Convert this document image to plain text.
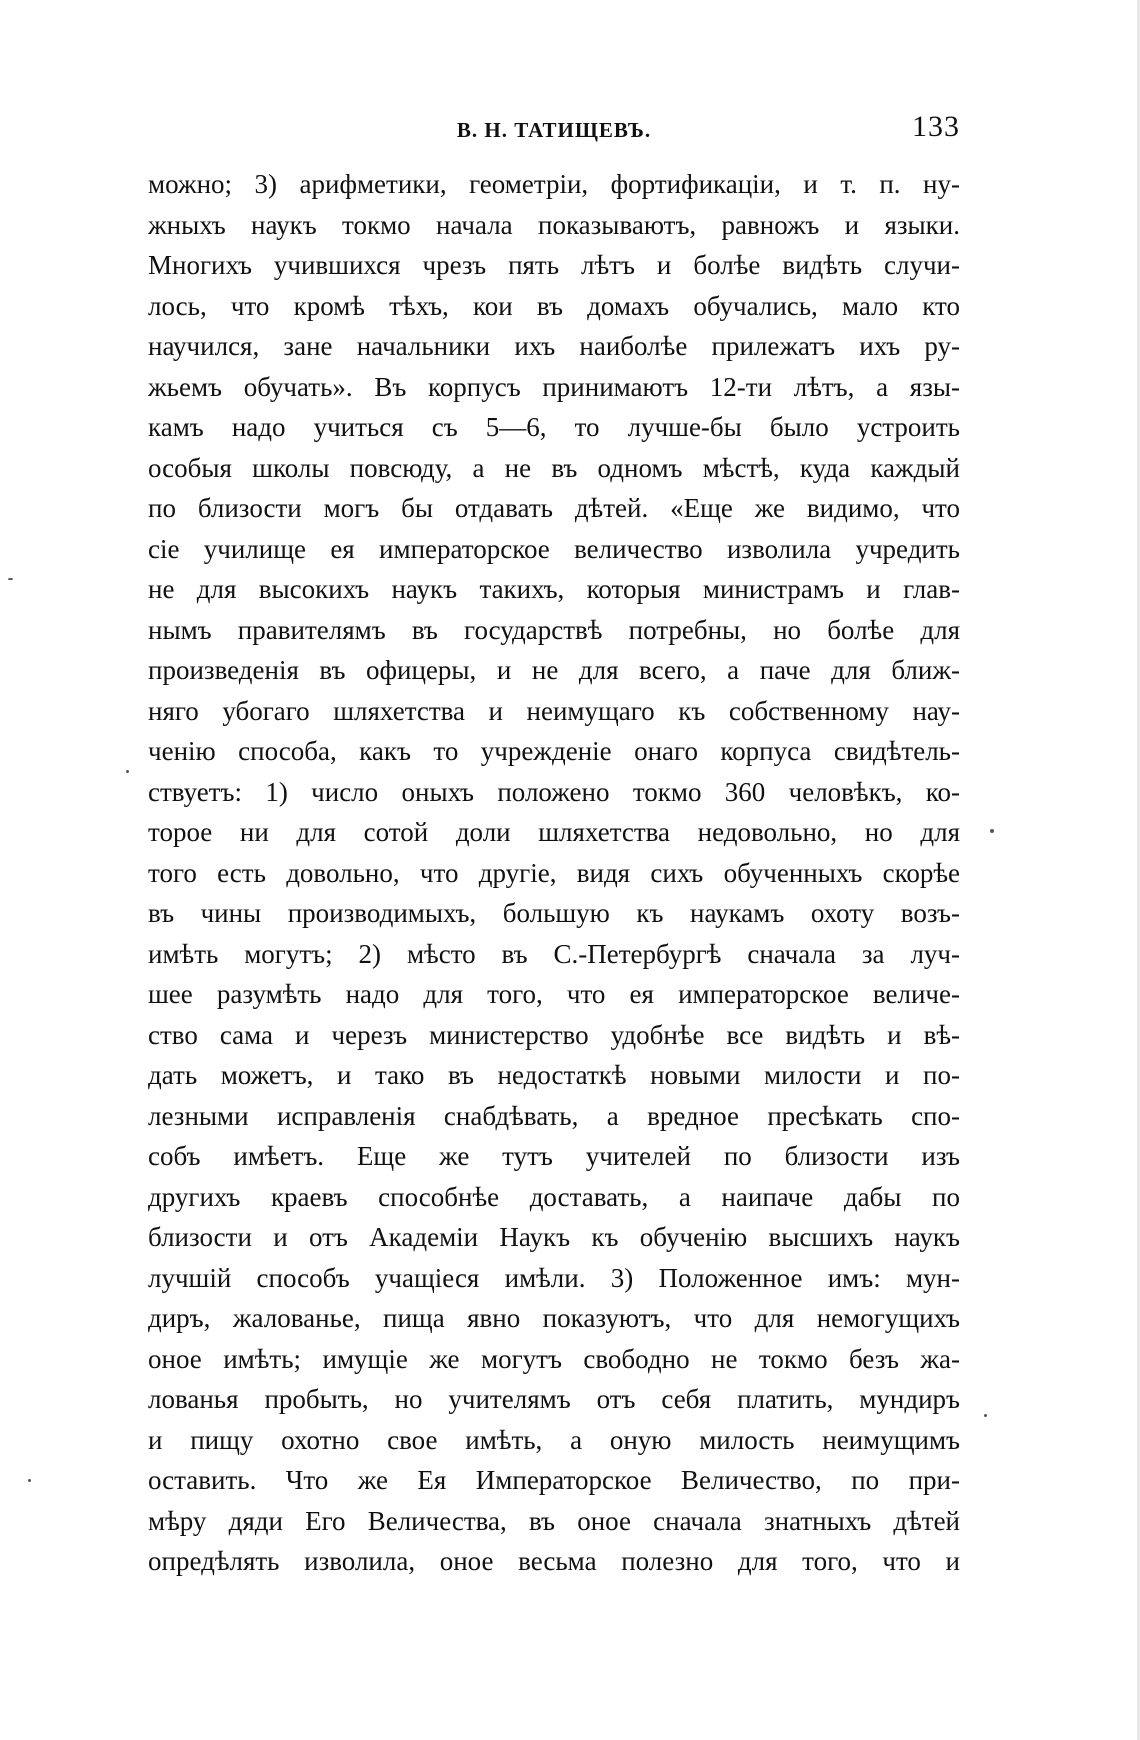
В. Н. ТАТИЩЕВЪ.	133
можно; 3) арифметики, геометріи, фортификаціи, и т. п. ну-
жныхъ наукъ токмо начала показываютъ, равножъ и языки.
Многихъ учившихся чрезъ пять лѣтъ и болѣе видѣть случи-
лось, что кромѣ тѣхъ, кои въ домахъ обучались, мало кто
научился, зане начальники ихъ наиболѣе прилежатъ ихъ ру-
жьемъ обучать». Въ корпусъ принимаютъ 12-ти лѣтъ, а язы-
камъ надо учиться съ 5—6, то лучше-бы было устроить
особыя школы повсюду, а не въ одномъ мѣстѣ, куда каждый
по близости могъ бы отдавать дѣтей. «Еще же видимо, что
сіе училище ея императорское величество изволила учредить
не для высокихъ наукъ такихъ, которыя министрамъ и глав-
нымъ правителямъ въ государствѣ потребны, но болѣе для
произведенія въ офицеры, и не для всего, а паче для ближ-
няго убогаго шляхетства и неимущаго къ собственному нау-
ченію способа, какъ то учрежденіе онаго корпуса свидѣтель-
ствуетъ: 1) число оныхъ положено токмо 360 человѣкъ, ко-
торое ни для сотой доли шляхетства недовольно, но для
того есть довольно, что другіе, видя сихъ обученныхъ скорѣе
въ чины производимыхъ, большую къ наукамъ охоту возъ-
имѣть могутъ; 2) мѣсто въ С.-Петербургѣ сначала за луч-
шее разумѣть надо для того, что ея императорское величе-
ство сама и черезъ министерство удобнѣе все видѣть и вѣ-
дать можетъ, и тако въ недостаткѣ новыми милости и по-
лезными исправленія снабдѣвать, а вредное пресѣкать спо-
собъ имѣетъ. Еще же тутъ учителей по близости изъ
другихъ краевъ способнѣе доставать, а наипаче дабы по
близости и отъ Академіи Наукъ къ обученію высшихъ наукъ
лучшій способъ учащіеся имѣли. 3) Положенное имъ: мун-
диръ, жалованье, пища явно показуютъ, что для немогущихъ
оное имѣть; имущіе же могутъ свободно не токмо безъ жа-
лованья пробыть, но учителямъ отъ себя платить, мундиръ
и пищу охотно свое имѣть, а оную милость неимущимъ
оставить. Что же Ея Императорское Величество, по при-
мѣру дяди Его Величества, въ оное сначала знатныхъ дѣтей
опредѣлять изволила, оное весьма полезно для того, что и
